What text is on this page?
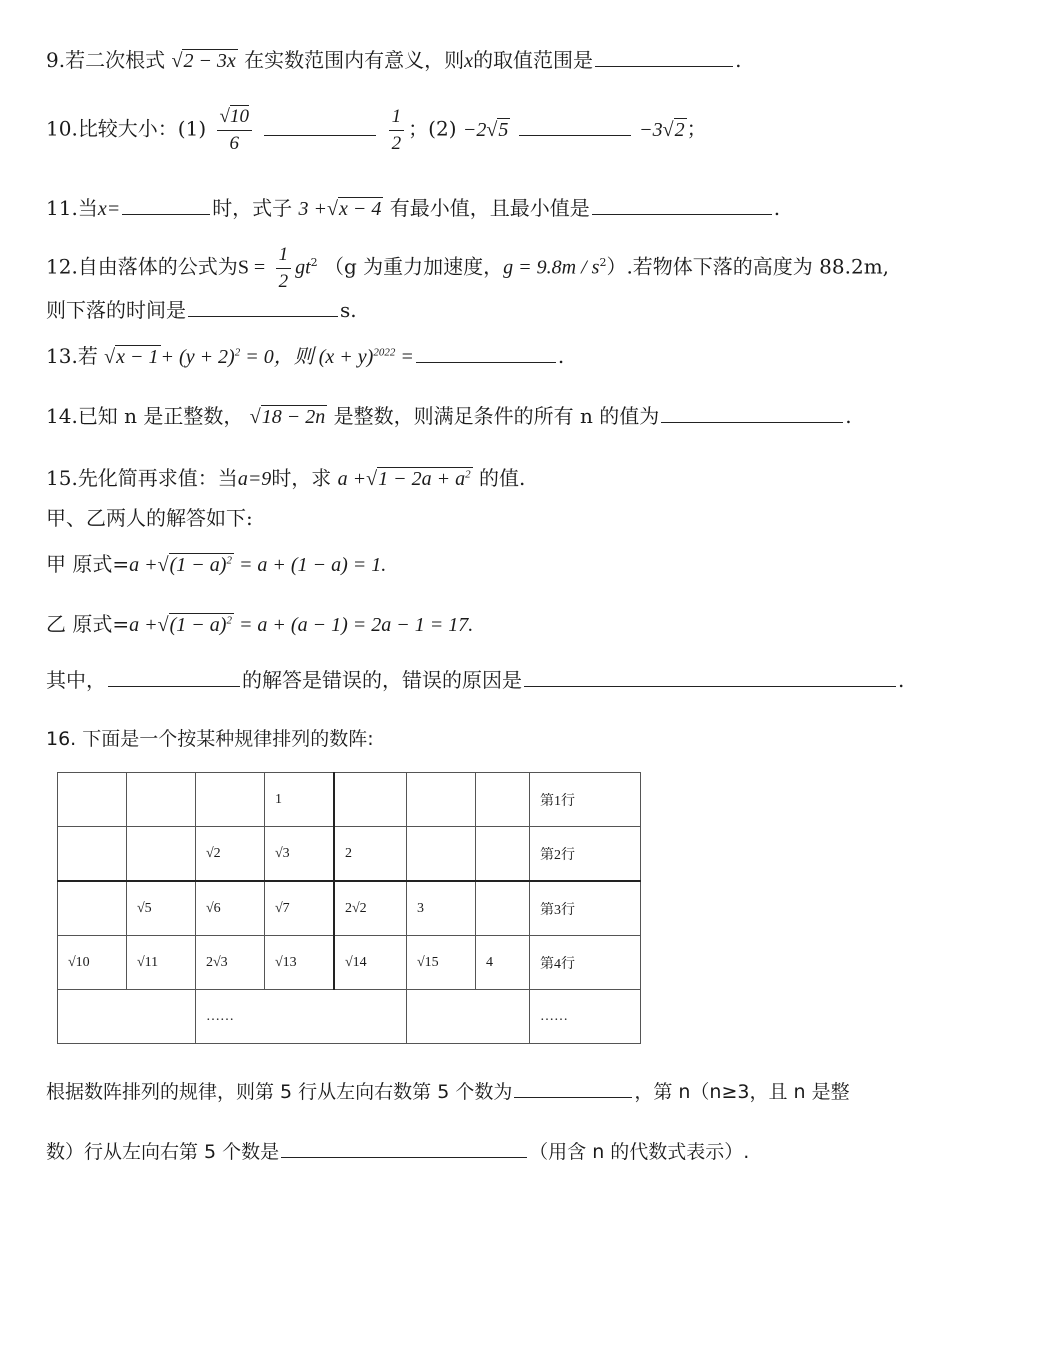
9.若二次根式 √2 − 3x 在实数范围内有意义，则x的取值范围是	.
10.比较大小：$(1) \frac{√10}{6}$
	$\frac{1}{2}$ ；(2) −2√5	−3√2 ；
11.当x=	时，式子 3 +√x − 4 有最小值，且最小值是	.
12.自由落体的公式为$S = \frac{1}{2} gt^2$ （g 为重力加速度，$g = 9.8m / s^2$）.若物体下落的高度为 88.2m,
则下落的时间是	s.
13.若 $√x - 1 + (y + 2)^2 = 0$，则 $(x + y)^{2022}$ =	.
14.已知 n 是正整数， √18 − 2n 是整数，则满足条件的所有 n 的值为	.
15.先化简再求值：当a=9时，求 $a +√1 - 2a + a^2$ 的值.
甲、乙两人的解答如下:
甲 原式$=a +√(1 - a)^2 = a + (1 - a) = 1$.
乙 原式$=a +√(1 - a)^2 = a + (a - 1) = 2a - 1 = 17$.
其中，	的解答是错误的，错误的原因是	.
16. 下面是一个按某种规律排列的数阵:
			1				第1行
		√2	√3	2			第2行
	√5	√6	√7	2√2	3		第3行
√10	√11	2√3	√13	√14	√15	4	第4行
		……					……
根据数阵排列的规律，则第 5 行从左向右数第 5 个数为	，第 n（n≥3，且 n 是整
数）行从左向右第 5 个数是	（用含 n 的代数式表示）.
